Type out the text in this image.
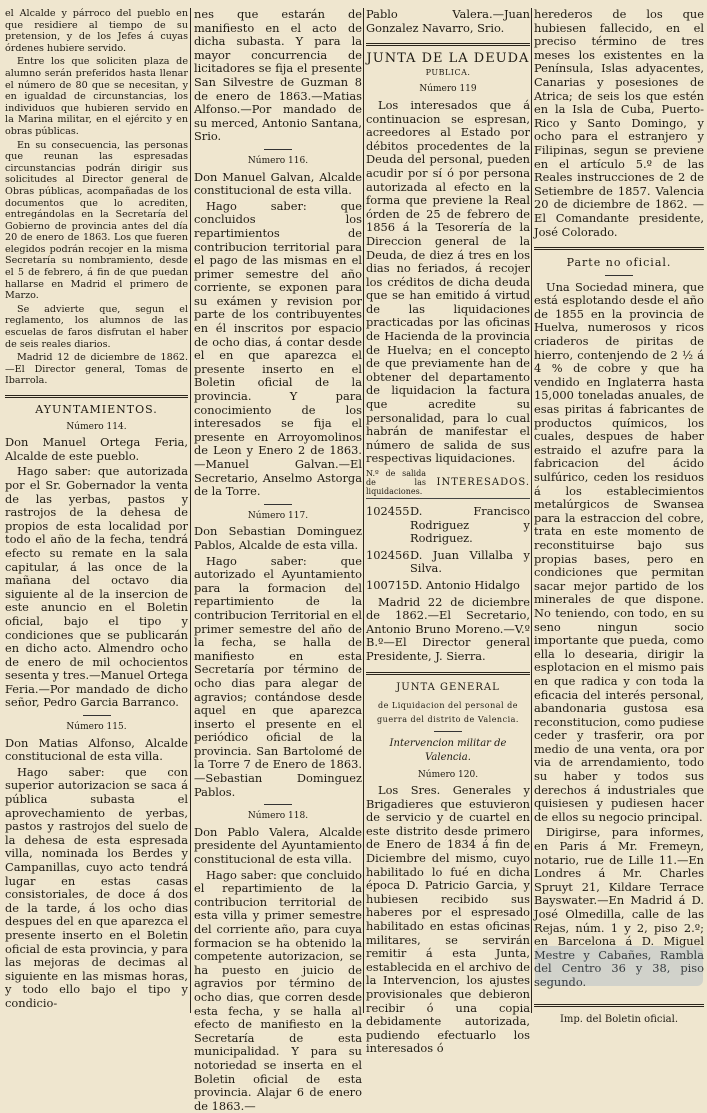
el Alcalde y párroco del pueblo en que residiere al tiempo de su pretension, y de los Jefes á cuyas órdenes hubiere servido.

Entre los que soliciten plaza de alumno serán preferidos hasta llenar el número de 80 que se necesitan, y en igualdad de circunstancias, los individuos que hubieren servido en la Marina militar, en el ejército y en obras públicas.

En su consecuencia, las personas que reunan las espresadas circunstancias podrán dirigir sus solicitudes al Director general de Obras públicas, acompañadas de los documentos que lo acrediten, entregándolas en la Secretaría del Gobierno de provincia antes del día 20 de enero de 1863. Los que fueren elegidos podrán recojer en la misma Secretaría su nombramiento, desde el 5 de febrero, á fin de que puedan hallarse en Madrid el primero de Marzo.

Se advierte que, segun el reglamento, los alumnos de las escuelas de faros disfrutan el haber de seis reales diarios.

Madrid 12 de diciembre de 1862. —El Director general, Tomas de Ibarrola.

AYUNTAMIENTOS.
Número 114.

Don Manuel Ortega Feria, Alcalde de este pueblo.

Hago saber: que autorizada por el Sr. Gobernador la venta de las yerbas, pastos y rastrojos de la dehesa de propios de esta localidad por todo el año de la fecha, tendrá efecto su remate en la sala capitular, á las once de la mañana del octavo dia siguiente al de la insercion de este anuncio en el Boletin oficial, bajo el tipo y condiciones que se publicarán en dicho acto. Almendro ocho de enero de mil ochocientos sesenta y tres.—Manuel Ortega Feria.—Por mandado de dicho señor, Pedro Garcia Barranco.

Número 115.

Don Matias Alfonso, Alcalde constitucional de esta villa.

Hago saber: que con superior autorizacion se saca á pública subasta el aprovechamiento de yerbas, pastos y rastrojos del suelo de la dehesa de esta espresada villa, nominada los Berdes y Campanillas, cuyo acto tendrá lugar en estas casas consistoriales, de doce á dos de la tarde, á los ocho dias despues del en que aparezca el presente inserto en el Boletin oficial de esta provincia, y para las mejoras de decimas al siguiente en las mismas horas, y todo ello bajo el tipo y condicio-

nes que estarán de manifiesto en el acto de dicha subasta. Y para la mayor concurrencia de licitadores se fija el presente San Silvestre de Guzman 8 de enero de 1863.—Matias Alfonso.—Por mandado de su merced, Antonio Santana, Srio.

Número 116.

Don Manuel Galvan, Alcalde constitucional de esta villa.

Hago saber: que concluidos los repartimientos de contribucion territorial para el pago de las mismas en el primer semestre del año corriente, se exponen para su exámen y revision por parte de los contribuyentes en él inscritos por espacio de ocho dias, á contar desde el en que aparezca el presente inserto en el Boletin oficial de la provincia. Y para conocimiento de los interesados se fija el presente en Arroyomolinos de Leon y Enero 2 de 1863.—Manuel Galvan.—El Secretario, Anselmo Astorga de la Torre.

Número 117.

Don Sebastian Dominguez Pablos, Alcalde de esta villa.

Hago saber: que autorizado el Ayuntamiento para la formacion del repartimiento de la contribucion Territorial en el primer semestre del año de la fecha, se halla de manifiesto en esta Secretaría por término de ocho dias para alegar de agravios; contándose desde aquel en que aparezca inserto el presente en el periódico oficial de la provincia. San Bartolomé de la Torre 7 de Enero de 1863.—Sebastian Dominguez Pablos.

Número 118.

Don Pablo Valera, Alcalde presidente del Ayuntamiento constitucional de esta villa.

Hago saber: que concluido el repartimiento de la contribucion territorial de esta villa y primer semestre del corriente año, para cuya formacion se ha obtenido la competente autorizacion, se ha puesto en juicio de agravios por término de ocho dias, que corren desde esta fecha, y se halla al efecto de manifiesto en la Secretaría de esta municipalidad. Y para su notoriedad se inserta en el Boletin oficial de esta provincia. Alajar 6 de enero de 1863.—

Pablo Valera.—Juan Gonzalez Navarro, Srio.

JUNTA DE LA DEUDA
PUBLICA.
Número 119

Los interesados que á continuacion se espresan, acreedores al Estado por débitos procedentes de la Deuda del personal, pueden acudir por sí ó por persona autorizada al efecto en la forma que previene la Real órden de 25 de febrero de 1856 á la Tesorería de la Direccion general de la Deuda, de diez á tres en los dias no feriados, á recojer los créditos de dicha deuda que se han emitido á virtud de las liquidaciones practicadas por las oficinas de Hacienda de la provincia de Huelva; en el concepto de que previamente han de obtener del departamento de liquidacion la factura que acredite su personalidad, para lo cual habrán de manifestar el número de salida de sus respectivas liquidaciones.

N.º de salida de las liquidaciones.
INTERESADOS.
102455 D. Francisco Rodriguez y Rodriguez.
102456 D. Juan Villalba y Silva.
100715 D. Antonio Hidalgo

Madrid 22 de diciembre de 1862.—El Secretario, Antonio Bruno Moreno.—V.º B.º—El Director general Presidente, J. Sierra.

JUNTA GENERAL
de Liquidacion del personal de guerra del distrito de Valencia.
Intervencion militar de Valencia.
Número 120.

Los Sres. Generales y Brigadieres que estuvieron de servicio y de cuartel en este distrito desde primero de Enero de 1834 á fin de Diciembre del mismo, cuyo habilitado lo fué en dicha época D. Patricio Garcia, y hubiesen recibido sus haberes por el espresado habilitado en estas oficinas militares, se servirán remitir á esta Junta, establecida en el archivo de la Intervencion, los ajustes provisionales que debieron recibir ó una copia debidamente autorizada, pudiendo efectuarlo los interesados ó

herederos de los que hubiesen fallecido, en el preciso término de tres meses los existentes en la Península, Islas adyacentes, Canarias y posesiones de Atrica; de seis los que estén en la Isla de Cuba, Puerto-Rico y Santo Domingo, y ocho para el estranjero y Filipinas, segun se previene en el artículo 5.º de las Reales instrucciones de 2 de Setiembre de 1857. Valencia 20 de diciembre de 1862. —El Comandante presidente, José Colorado.

Parte no oficial.

Una Sociedad minera, que está esplotando desde el año de 1855 en la provincia de Huelva, numerosos y ricos criaderos de piritas de hierro, contenjendo de 2 ½ á 4 % de cobre y que ha vendido en Inglaterra hasta 15,000 toneladas anuales, de esas piritas á fabricantes de productos químicos, los cuales, despues de haber estraido el azufre para la fabricacion del ácido sulfúrico, ceden los residuos á los establecimientos metalúrgicos de Swansea para la estraccion del cobre, trata en este momento de reconstituirse bajo sus propias bases, pero en condiciones que permitan sacar mejor partido de los minerales de que dispone. No teniendo, con todo, en su seno ningun socio importante que pueda, como ella lo desearia, dirigir la esplotacion en el mismo pais en que radica y con toda la eficacia del interés personal, abandonaria gustosa esa reconstitucion, como pudiese ceder y trasferir, ora por medio de una venta, ora por via de arrendamiento, todo su haber y todos sus derechos á industriales que quisiesen y pudiesen hacer de ellos su negocio principal.

Dirigirse, para informes, en Paris á Mr. Fremeyn, notario, rue de Lille 11.—En Londres á Mr. Charles Spruyt 21, Kildare Terrace Bayswater.—En Madrid á D. José Olmedilla, calle de las Rejas, núm. 1 y 2, piso 2.º; en Barcelona á D. Miguel Mestre y Cabañes, Rambla del Centro 36 y 38, piso segundo.

Imp. del Boletin oficial.
